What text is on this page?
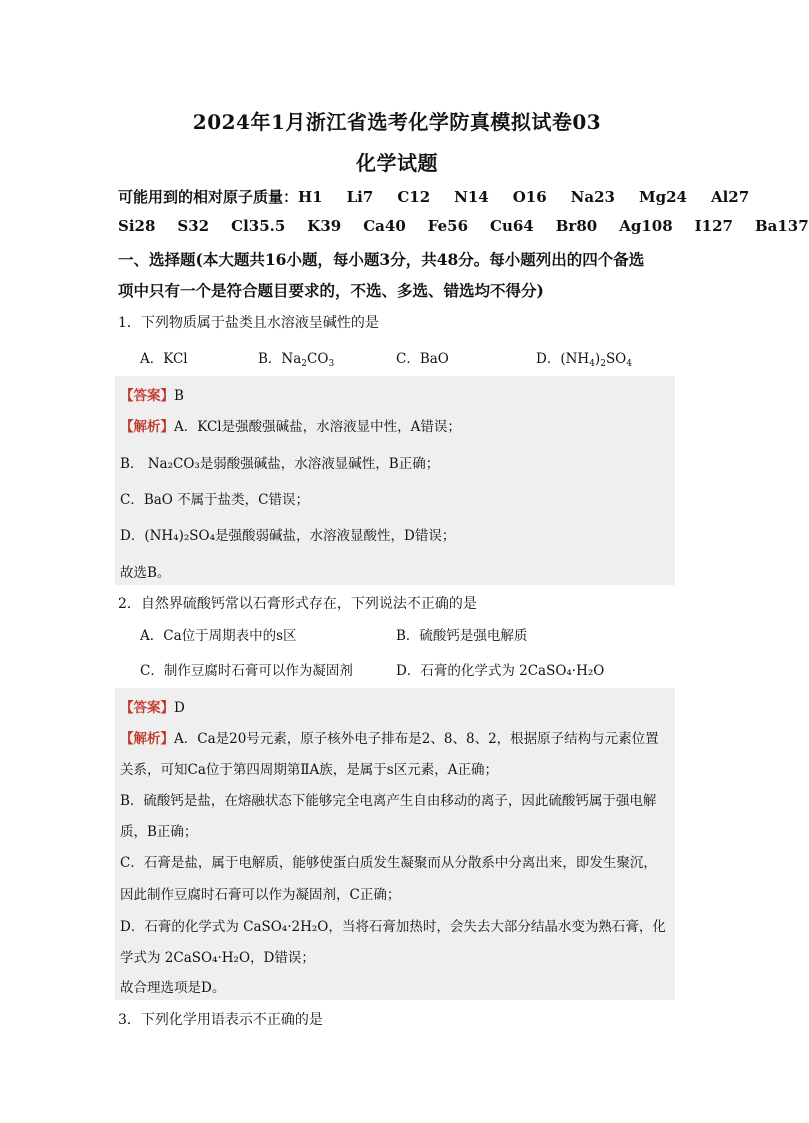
2024年1月浙江省选考化学防真模拟试卷03
化学试题
可能用到的相对原子质量：H1 Li7 C12 N14 O16 Na23 Mg24 Al27
Si28 S32 Cl35.5 K39 Ca40 Fe56 Cu64 Br80 Ag108 I127 Ba137
一、选择题(本大题共16小题，每小题3分，共48分。每小题列出的四个备选
项中只有一个是符合题目要求的，不选、多选、错选均不得分)
1．下列物质属于盐类且水溶液呈碱性的是
A．KCl	B．$Na_2CO_3$	C．BaO	D．$(NH_4)_2SO_4$
【答案】B
【解析】A．KCl是强酸强碱盐，水溶液显中性，A错误；
B． Na₂CO₃是弱酸强碱盐，水溶液显碱性，B正确；
C．BaO 不属于盐类，C错误；
D．(NH₄)₂SO₄是强酸弱碱盐，水溶液显酸性，D错误；
故选B。
2．自然界硫酸钙常以石膏形式存在，下列说法不正确的是
A．Ca位于周期表中的s区	B．硫酸钙是强电解质
C．制作豆腐时石膏可以作为凝固剂	D．石膏的化学式为 2CaSO₄·H₂O
【答案】D
【解析】A．Ca是20号元素，原子核外电子排布是2、8、8、2，根据原子结构与元素位置
关系，可知Ca位于第四周期第ⅡA族，是属于s区元素，A正确；
B．硫酸钙是盐，在熔融状态下能够完全电离产生自由移动的离子，因此硫酸钙属于强电解
质，B正确；
C．石膏是盐，属于电解质，能够使蛋白质发生凝聚而从分散系中分离出来，即发生聚沉，
因此制作豆腐时石膏可以作为凝固剂，C正确；
D．石膏的化学式为 CaSO₄·2H₂O，当将石膏加热时，会失去大部分结晶水变为熟石膏，化
学式为 2CaSO₄·H₂O，D错误；
故合理选项是D。
3．下列化学用语表示不正确的是
